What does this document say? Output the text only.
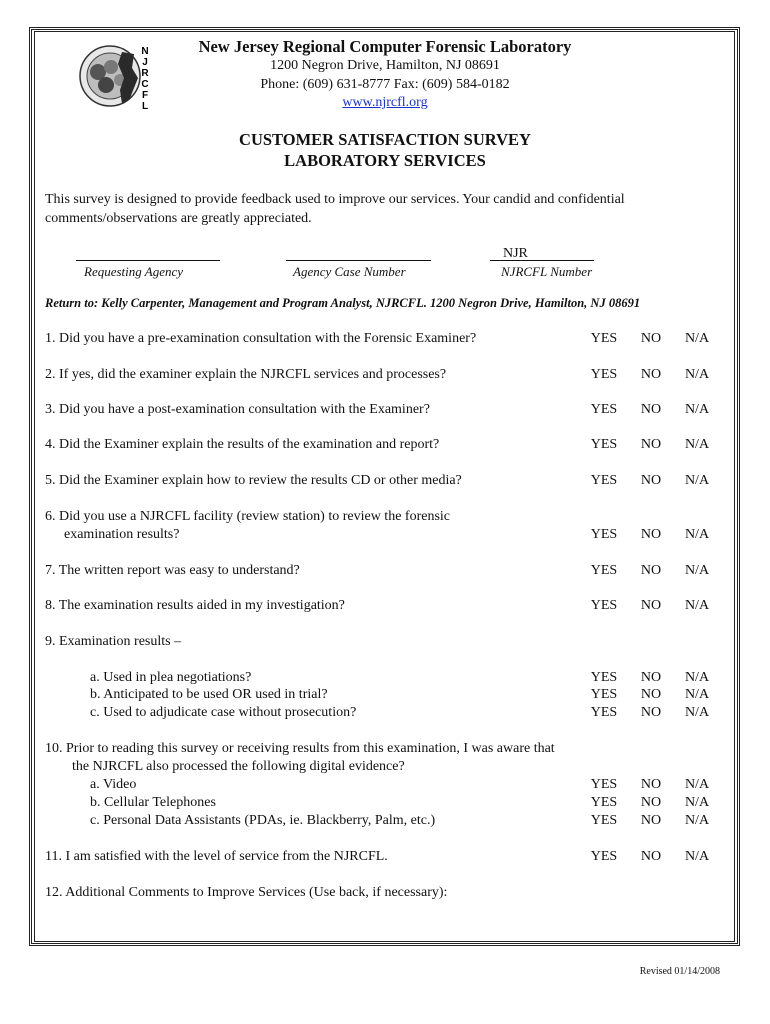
N
J
R
C
F
L
New Jersey Regional Computer Forensic Laboratory
1200 Negron Drive, Hamilton, NJ 08691
Phone: (609) 631-8777 Fax: (609) 584-0182
www.njrcfl.org
CUSTOMER SATISFACTION SURVEY
LABORATORY SERVICES
This survey is designed to provide feedback used to improve our services. Your candid and confidential
comments/observations are greatly appreciated.
NJR
Requesting Agency	Agency Case Number	NJRCFL Number
Return to: Kelly Carpenter, Management and Program Analyst, NJRCFL. 1200 Negron Drive, Hamilton, NJ 08691
1. Did you have a pre-examination consultation with the Forensic Examiner?	YES	NO	N/A
2. If yes, did the examiner explain the NJRCFL services and processes?	YES	NO	N/A
3. Did you have a post-examination consultation with the Examiner?	YES	NO	N/A
4. Did the Examiner explain the results of the examination and report?	YES	NO	N/A
5. Did the Examiner explain how to review the results CD or other media?	YES	NO	N/A
6. Did you use a NJRCFL facility (review station) to review the forensic
examination results?	YES	NO	N/A
7. The written report was easy to understand?	YES	NO	N/A
8. The examination results aided in my investigation?	YES	NO	N/A
9. Examination results –
a. Used in plea negotiations?	YES	NO	N/A
b. Anticipated to be used OR used in trial?	YES	NO	N/A
c. Used to adjudicate case without prosecution?	YES	NO	N/A
10. Prior to reading this survey or receiving results from this examination, I was aware that
the NJRCFL also processed the following digital evidence?
a. Video	YES	NO	N/A
b. Cellular Telephones	YES	NO	N/A
c. Personal Data Assistants (PDAs, ie. Blackberry, Palm, etc.)	YES	NO	N/A
11. I am satisfied with the level of service from the NJRCFL.	YES	NO	N/A
12. Additional Comments to Improve Services (Use back, if necessary):
Revised 01/14/2008
